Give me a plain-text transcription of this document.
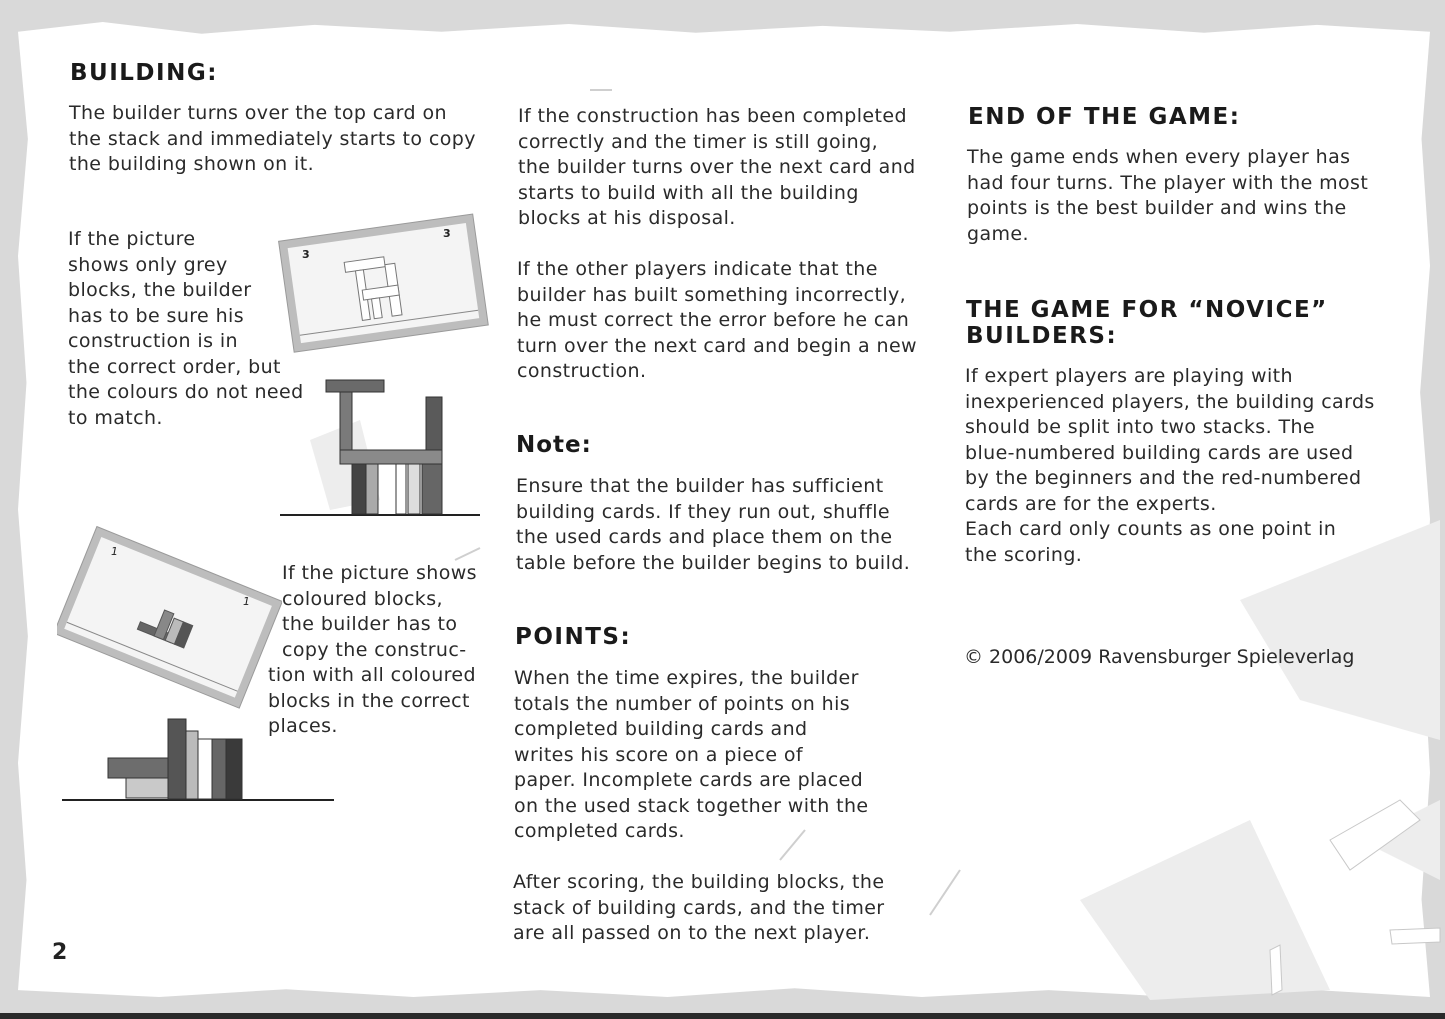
BUILDING:

The builder turns over the top card on
the stack and immediately starts to copy
the building shown on it.

If the picture
shows only grey
blocks, the builder
has to be sure his
construction is in
the correct order, but
the colours do not need
to match.

If the picture shows
coloured blocks,
the builder has to
copy the construc-

tion with all coloured
blocks in the correct
places.

3
3
1
1

If the construction has been completed
correctly and the timer is still going,
the builder turns over the next card and
starts to build with all the building
blocks at his disposal.

If the other players indicate that the
builder has built something incorrectly,
he must correct the error before he can
turn over the next card and begin a new
construction.

Note:

Ensure that the builder has sufficient
building cards. If they run out, shuffle
the used cards and place them on the
table before the builder begins to build.

POINTS:

When the time expires, the builder
totals the number of points on his
completed building cards and
writes his score on a piece of
paper. Incomplete cards are placed
on the used stack together with the
completed cards.

After scoring, the building blocks, the
stack of building cards, and the timer
are all passed on to the next player.

END OF THE GAME:

The game ends when every player has
had four turns. The player with the most
points is the best builder and wins the
game.

THE GAME FOR “NOVICE”
BUILDERS:

If expert players are playing with
inexperienced players, the building cards
should be split into two stacks. The
blue-numbered building cards are used
by the beginners and the red-numbered
cards are for the experts.
Each card only counts as one point in
the scoring.

© 2006/2009 Ravensburger Spieleverlag

2
